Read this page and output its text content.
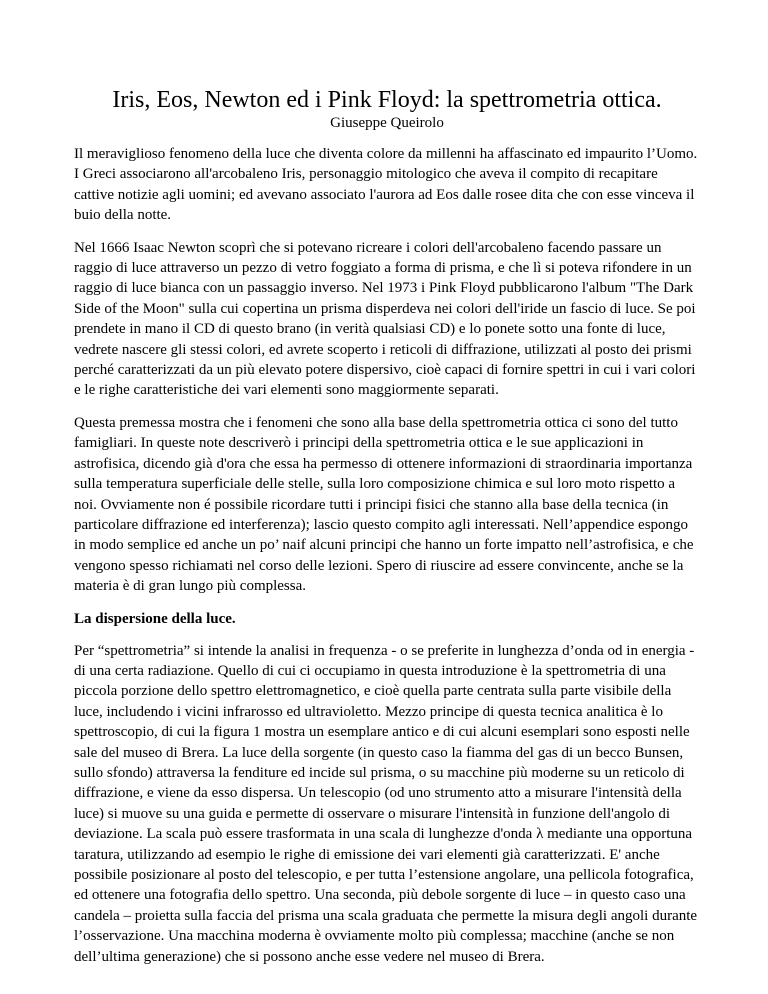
Iris, Eos, Newton ed i Pink Floyd: la spettrometria ottica.
Giuseppe Queirolo

Il meraviglioso fenomeno della luce che diventa colore da millenni ha affascinato ed impaurito l’Uomo. I Greci associarono all'arcobaleno Iris, personaggio mitologico che aveva il compito di recapitare cattive notizie agli uomini; ed avevano associato l'aurora ad Eos dalle rosee dita che con esse vinceva il buio della notte.

Nel 1666 Isaac Newton scoprì che si potevano ricreare i colori dell'arcobaleno facendo passare un raggio di luce attraverso un pezzo di vetro foggiato a forma di prisma, e che lì si poteva rifondere in un raggio di luce bianca con un passaggio inverso. Nel 1973 i Pink Floyd pubblicarono l'album "The Dark Side of the Moon" sulla cui copertina un prisma disperdeva nei colori dell'iride un fascio di luce. Se poi prendete in mano il CD di questo brano (in verità qualsiasi CD) e lo ponete sotto una fonte di luce, vedrete nascere gli stessi colori, ed avrete scoperto i reticoli di diffrazione, utilizzati al posto dei prismi perché caratterizzati da un più elevato potere dispersivo, cioè capaci di fornire spettri in cui i vari colori e le righe caratteristiche dei vari elementi sono maggiormente separati.

Questa premessa mostra che i fenomeni che sono alla base della spettrometria ottica ci sono del tutto famigliari. In queste note descriverò i principi della spettrometria ottica e le sue applicazioni in astrofisica, dicendo già d'ora che essa ha permesso di ottenere informazioni di straordinaria importanza sulla temperatura superficiale delle stelle, sulla loro composizione chimica e sul loro moto rispetto a noi. Ovviamente non é possibile ricordare tutti i principi fisici che stanno alla base della tecnica (in particolare diffrazione ed interferenza); lascio questo compito agli interessati. Nell’appendice espongo in modo semplice ed anche un po’ naif alcuni principi che hanno un forte impatto nell’astrofisica, e che vengono spesso richiamati nel corso delle lezioni. Spero di riuscire ad essere convincente, anche se la materia è di gran lungo più complessa.

La dispersione della luce.

Per “spettrometria” si intende la analisi in frequenza - o se preferite in lunghezza d’onda od in energia - di una certa radiazione. Quello di cui ci occupiamo in questa introduzione è la spettrometria di una piccola porzione dello spettro elettromagnetico, e cioè quella parte centrata sulla parte visibile della luce, includendo i vicini infrarosso ed ultravioletto. Mezzo principe di questa tecnica analitica è lo spettroscopio, di cui la figura 1 mostra un esemplare antico e di cui alcuni esemplari sono esposti nelle sale del museo di Brera. La luce della sorgente (in questo caso la fiamma del gas di un becco Bunsen, sullo sfondo) attraversa la fenditure ed incide sul prisma, o su macchine più moderne su un reticolo di diffrazione, e viene da esso dispersa. Un telescopio (od uno strumento atto a misurare l'intensità della luce) si muove su una guida e permette di osservare o misurare l'intensità in funzione dell'angolo di deviazione. La scala può essere trasformata in una scala di lunghezze d'onda λ mediante una opportuna taratura, utilizzando ad esempio le righe di emissione dei vari elementi già caratterizzati. E' anche possibile posizionare al posto del telescopio, e per tutta l’estensione angolare, una pellicola fotografica, ed ottenere una fotografia dello spettro. Una seconda, più debole sorgente di luce – in questo caso una candela – proietta sulla faccia del prisma una scala graduata che permette la misura degli angoli durante l’osservazione. Una macchina moderna è ovviamente molto più complessa; macchine (anche se non dell’ultima generazione) che si possono anche esse vedere nel museo di Brera.
